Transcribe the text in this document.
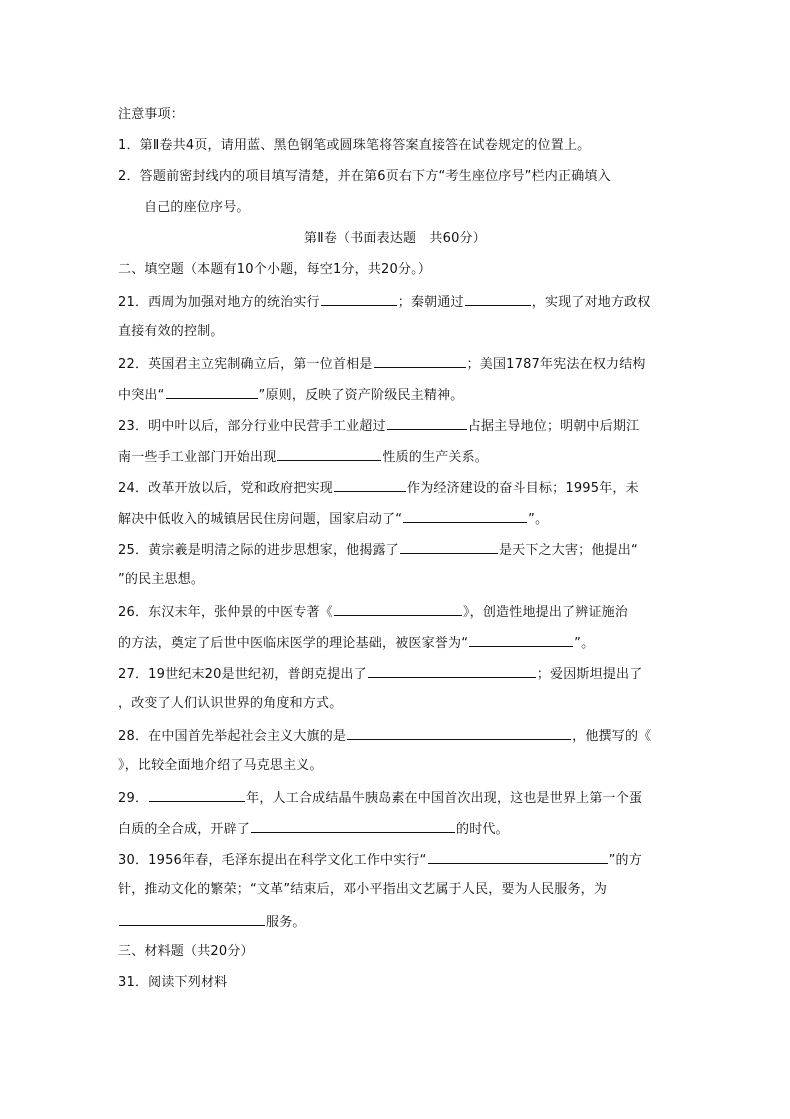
注意事项：
1．第Ⅱ卷共4页，请用蓝、黑色钢笔或圆珠笔将答案直接答在试卷规定的位置上。
2．答题前密封线内的项目填写清楚，并在第6页右下方“考生座位序号”栏内正确填入
自己的座位序号。
第Ⅱ卷（书面表达题　共60分）
二、填空题（本题有10个小题，每空1分，共20分。）
21．西周为加强对地方的统治实行	；秦朝通过	，实现了对地方政权
直接有效的控制。
22．英国君主立宪制确立后，第一位首相是	；美国1787年宪法在权力结构
中突出“	”原则，反映了资产阶级民主精神。
23．明中叶以后，部分行业中民营手工业超过	占据主导地位；明朝中后期江
南一些手工业部门开始出现	性质的生产关系。
24．改革开放以后，党和政府把实现	作为经济建设的奋斗目标；1995年，未
解决中低收入的城镇居民住房问题，国家启动了“	”。
25．黄宗羲是明清之际的进步思想家，他揭露了	是天下之大害；他提出“
”的民主思想。
26．东汉末年，张仲景的中医专著《	》，创造性地提出了辨证施治
的方法，奠定了后世中医临床医学的理论基础，被医家誉为“	”。
27．19世纪末20是世纪初，普朗克提出了	；爱因斯坦提出了
，改变了人们认识世界的角度和方式。
28．在中国首先举起社会主义大旗的是	，他撰写的《
》，比较全面地介绍了马克思主义。
29．	年，人工合成结晶牛胰岛素在中国首次出现，这也是世界上第一个蛋
白质的全合成，开辟了	的时代。
30．1956年春，毛泽东提出在科学文化工作中实行“	”的方
针，推动文化的繁荣；“文革”结束后，邓小平指出文艺属于人民，要为人民服务，为
服务。
三、材料题（共20分）
31．阅读下列材料
